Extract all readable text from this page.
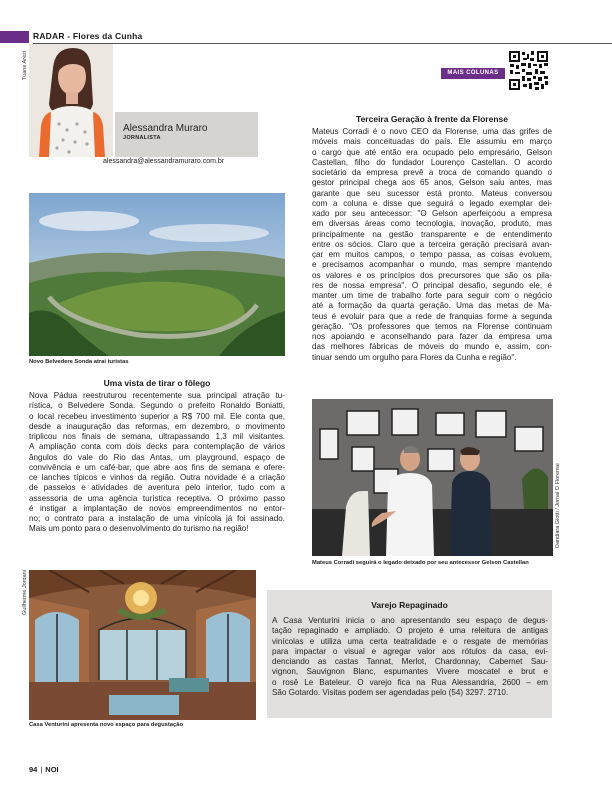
RADAR - Flores da Cunha
Tuane Arezi
Alessandra Muraro
JORNALISTA
alessandra@alessandramuraro.com.br
MAIS COLUNAS
Novo Belvedere Sonda atrai turistas
Uma vista de tirar o fôlego
Nova Pádua reestruturou recentemente sua principal atração tu-
rística, o Belvedere Sonda. Segundo o prefeito Ronaldo Boniatti,
o local recebeu investimento superior a R$ 700 mil. Ele conta que,
desde a inauguração das reformas, em dezembro, o movimento
triplicou nos finais de semana, ultrapassando 1,3 mil visitantes.
A ampliação conta com dois decks para contemplação de vários
ângulos do vale do Rio das Antas, um playground, espaço de
convivência e um café-bar, que abre aos fins de semana e ofere-
ce lanches típicos e vinhos da região. Outra novidade é a criação
de passeios e atividades de aventura pelo interior, tudo com a
assessoria de uma agência turística receptiva. O próximo passo
é instigar a implantação de novos empreendimentos no entor-
no; o contrato para a instalação de uma vinícola já foi assinado.
Mais um ponto para o desenvolvimento do turismo na região!
Terceira Geração à frente da Florense
Mateus Corradi é o novo CEO da Florense, uma das grifes de
móveis mais conceituadas do país. Ele assumiu em março
o cargo que até então era ocupado pelo empresário, Gelson
Castellan, filho do fundador Lourenço Castellan. O acordo
societário da empresa prevê a troca de comando quando o
gestor principal chega aos 65 anos, Gelson saiu antes, mas
garante que seu sucessor está pronto. Mateus conversou
com a coluna e disse que seguirá o legado exemplar dei-
xado por seu antecessor: "O Gelson aperfeiçoou a empresa
em diversas áreas como tecnologia, inovação, produto, mas
principalmente na gestão transparente e de entendimento
entre os sócios. Claro que a terceira geração precisará avan-
çar em muitos campos, o tempo passa, as coisas evoluem,
e precisamos acompanhar o mundo, mas sempre mantendo
os valores e os princípios dos precursores que são os pila-
res de nossa empresa". O principal desafio, segundo ele, é
manter um time de trabalho forte para seguir com o negócio
até a formação da quarta geração. Uma das metas de Ma-
teus é evoluir para que a rede de franquias forme a segunda
geração. "Os professores que temos na Florense continuam
nos apoiando e aconselhando para fazer da empresa uma
das melhores fábricas de móveis do mundo e, assim, con-
tinuar sendo um orgulho para Flores da Cunha e região".
Dandiara Giotti / Jornal O Florense
Mateus Corradi seguirá o legado deixado por seu antecessor Gelson Castellan
Guilherme Jordani
Casa Venturini apresenta novo espaço para degustação
Varejo Repaginado
A Casa Venturini inicia o ano apresentando seu espaço de degus-
tação repaginado e ampliado. O projeto é uma releitura de antigas
vinícolas e utiliza uma certa teatralidade e o resgate de memórias
para impactar o visual e agregar valor aos rótulos da casa, evi-
denciando as castas Tannat, Merlot, Chardonnay, Cabernet Sau-
vignon, Sauvignon Blanc, espumantes Vivere moscatel e brut e
o rosê Le Bateleur. O varejo fica na Rua Alessandria, 2600 – em
São Gotardo. Visitas podem ser agendadas pelo (54) 3297. 2710.
94 | NOI
